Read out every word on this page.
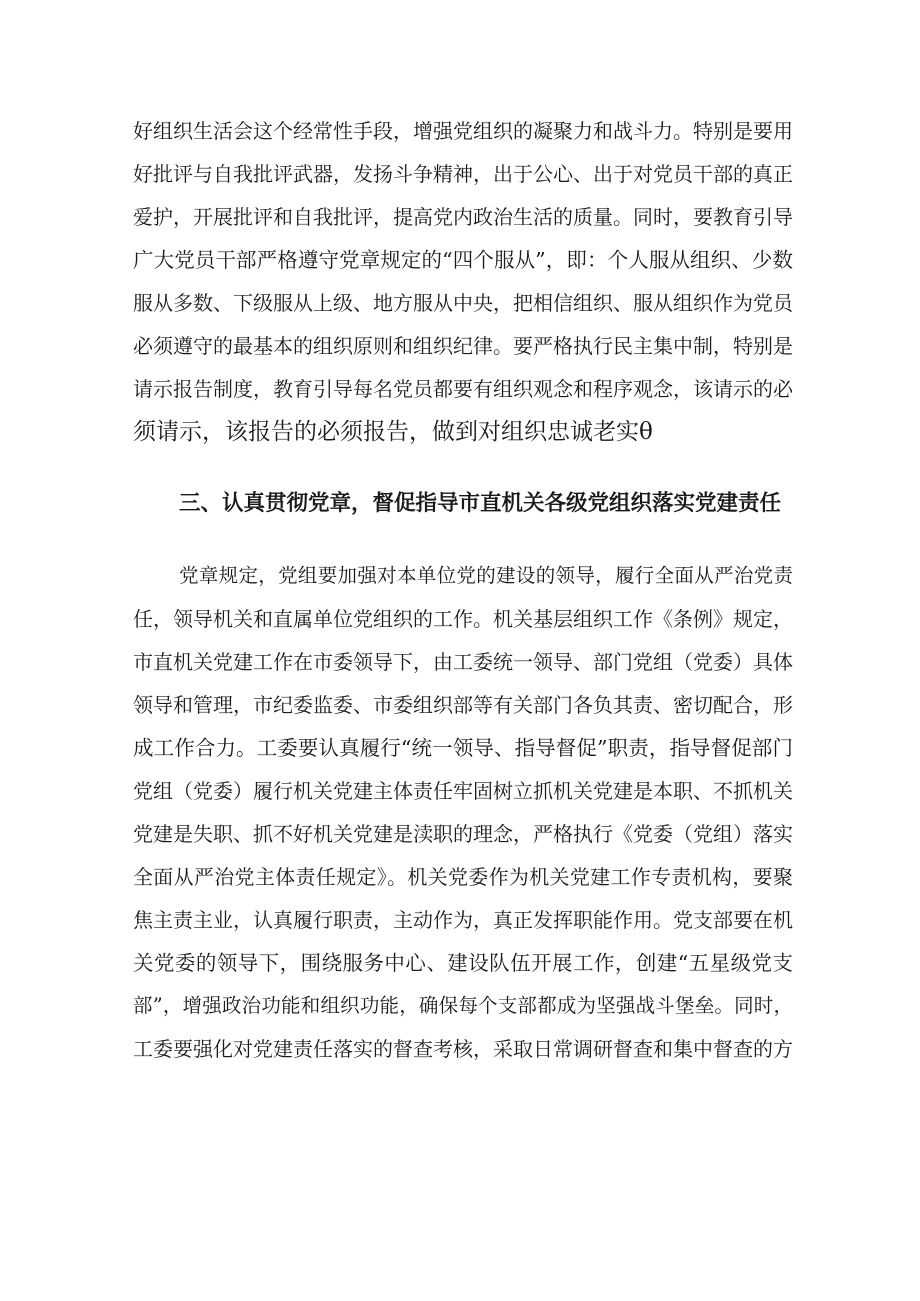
好组织生活会这个经常性手段，增强党组织的凝聚力和战斗力。特别是要用
好批评与自我批评武器，发扬斗争精神，出于公心、出于对党员干部的真正
爱护，开展批评和自我批评，提高党内政治生活的质量。同时，要教育引导
广大党员干部严格遵守党章规定的“四个服从”，即：个人服从组织、少数
服从多数、下级服从上级、地方服从中央，把相信组织、服从组织作为党员
必须遵守的最基本的组织原则和组织纪律。要严格执行民主集中制，特别是
请示报告制度，教育引导每名党员都要有组织观念和程序观念，该请示的必
须请示，该报告的必须报告，做到对组织忠诚老实θ
三、认真贯彻党章，督促指导市直机关各级党组织落实党建责任
党章规定，党组要加强对本单位党的建设的领导，履行全面从严治党责
任，领导机关和直属单位党组织的工作。机关基层组织工作《条例》规定，
市直机关党建工作在市委领导下，由工委统一领导、部门党组（党委）具体
领导和管理，市纪委监委、市委组织部等有关部门各负其责、密切配合，形
成工作合力。工委要认真履行“统一领导、指导督促”职责，指导督促部门
党组（党委）履行机关党建主体责任牢固树立抓机关党建是本职、不抓机关
党建是失职、抓不好机关党建是渎职的理念，严格执行《党委（党组）落实
全面从严治党主体责任规定》。机关党委作为机关党建工作专责机构，要聚
焦主责主业，认真履行职责，主动作为，真正发挥职能作用。党支部要在机
关党委的领导下，围绕服务中心、建设队伍开展工作，创建“五星级党支
部”，增强政治功能和组织功能，确保每个支部都成为坚强战斗堡垒。同时，
工委要强化对党建责任落实的督查考核，采取日常调研督查和集中督查的方
